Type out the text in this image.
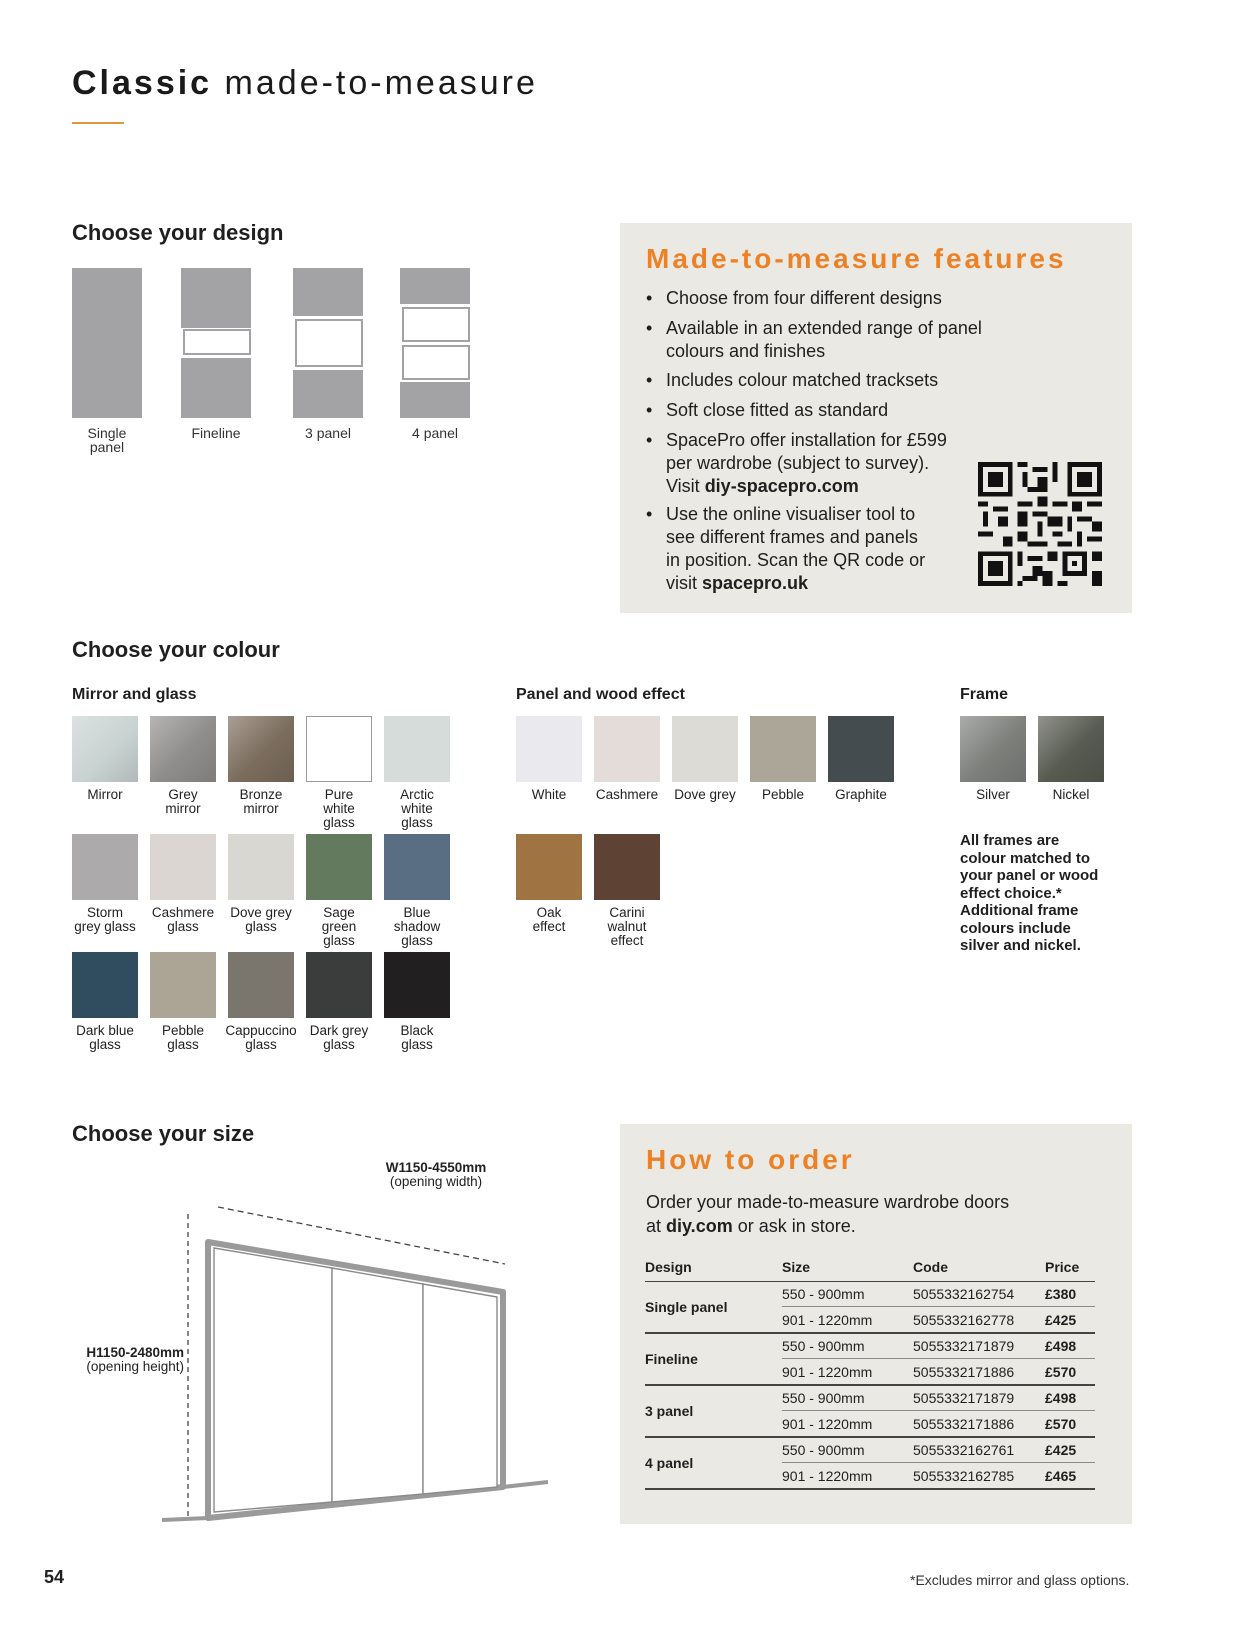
Classic made-to-measure
Choose your design
Single
panel
Fineline	3 panel	4 panel
Made-to-measure features
• Choose from four different designs
• Available in an extended range of panel
colours and finishes
• Includes colour matched tracksets
• Soft close fitted as standard
• SpacePro offer installation for £599
per wardrobe (subject to survey).
Visit diy-spacepro.com
• Use the online visualiser tool to
see different frames and panels
in position. Scan the QR code or
visit spacepro.uk
Choose your colour
Mirror and glass	Panel and wood effect	Frame
Mirror	Grey
mirror
Bronze
mirror
Pure
white
glass
Arctic
white
glass
Storm
grey glass
Cashmere
glass
Dove grey
glass
Sage
green
glass
Blue
shadow
glass
Dark blue
glass
Pebble
glass
Cappuccino
glass
Dark grey
glass
Black
glass
White	Cashmere	Dove grey	Pebble	Graphite
Oak
effect
Carini
walnut
effect
Silver	Nickel
All frames are
colour matched to
your panel or wood
effect choice.*
Additional frame
colours include
silver and nickel.
Choose your size
W1150-4550mm
(opening width)
H1150-2480mm
(opening height)
How to order
Order your made-to-measure wardrobe doors
at diy.com or ask in store.
Design	Size	Code	Price
Single panel
550 - 900mm	5055332162754 £380
901 - 1220mm	5055332162778 £425
Fineline
550 - 900mm	5055332171879 £498
901 - 1220mm	5055332171886 £570
3 panel
550 - 900mm	5055332171879 £498
901 - 1220mm	5055332171886 £570
4 panel
550 - 900mm	5055332162761 £425
901 - 1220mm	5055332162785 £465
54	*Excludes mirror and glass options.
